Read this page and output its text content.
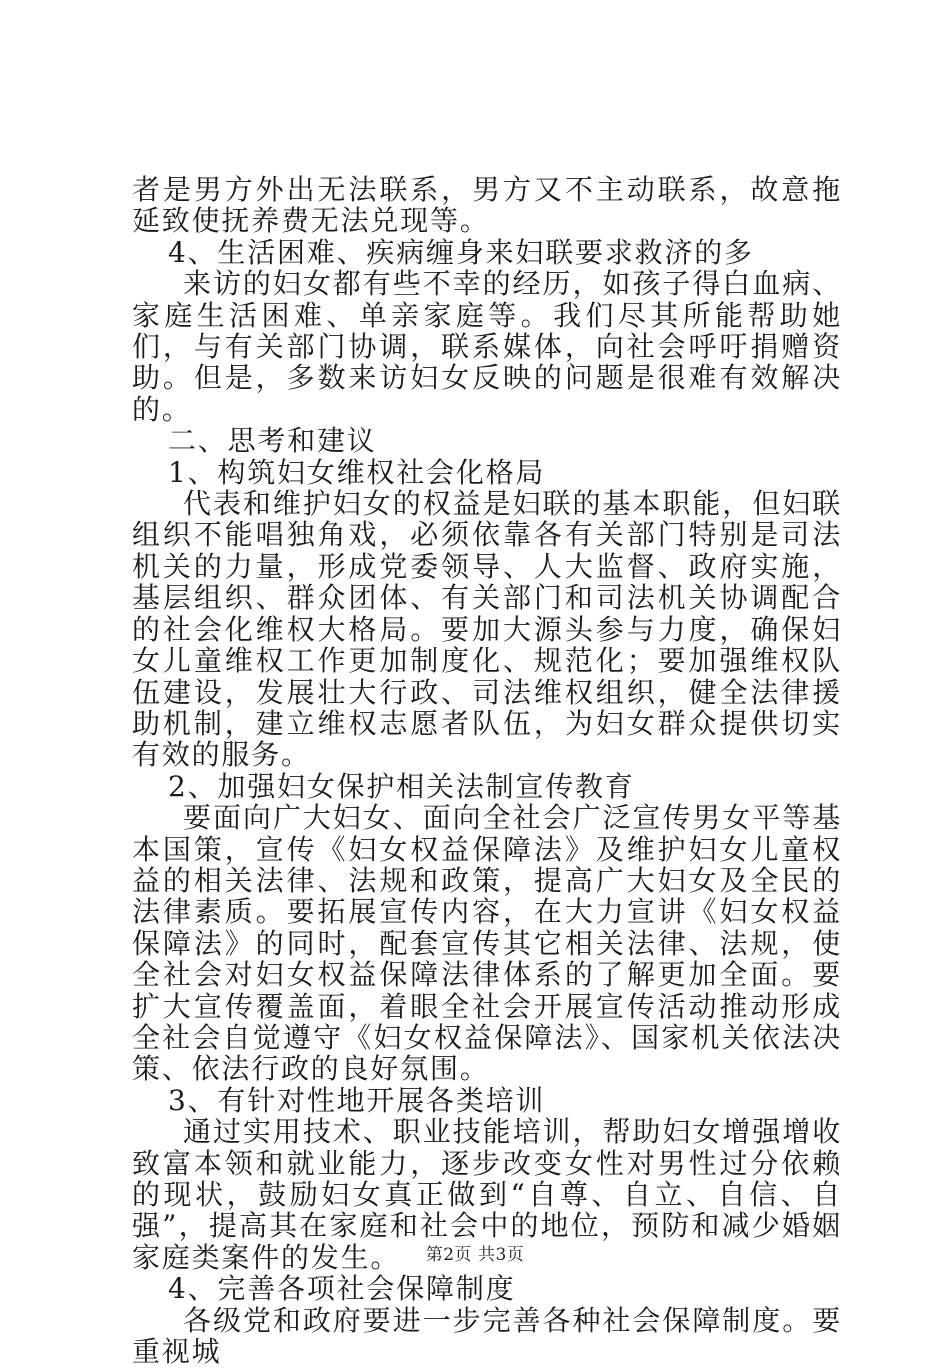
者是男方外出无法联系，男方又不主动联系，故意拖延致使抚养费无法兑现等。

4、生活困难、疾病缠身来妇联要求救济的多

来访的妇女都有些不幸的经历，如孩子得白血病、家庭生活困难、单亲家庭等。我们尽其所能帮助她们，与有关部门协调，联系媒体，向社会呼吁捐赠资助。但是，多数来访妇女反映的问题是很难有效解决的。

二、思考和建议

1、构筑妇女维权社会化格局

代表和维护妇女的权益是妇联的基本职能，但妇联组织不能唱独角戏，必须依靠各有关部门特别是司法机关的力量，形成党委领导、人大监督、政府实施，基层组织、群众团体、有关部门和司法机关协调配合的社会化维权大格局。要加大源头参与力度，确保妇女儿童维权工作更加制度化、规范化；要加强维权队伍建设，发展壮大行政、司法维权组织，健全法律援助机制，建立维权志愿者队伍，为妇女群众提供切实有效的服务。

2、加强妇女保护相关法制宣传教育

要面向广大妇女、面向全社会广泛宣传男女平等基本国策，宣传《妇女权益保障法》及维护妇女儿童权益的相关法律、法规和政策，提高广大妇女及全民的法律素质。要拓展宣传内容，在大力宣讲《妇女权益保障法》的同时，配套宣传其它相关法律、法规，使全社会对妇女权益保障法律体系的了解更加全面。要扩大宣传覆盖面，着眼全社会开展宣传活动推动形成全社会自觉遵守《妇女权益保障法》、国家机关依法决策、依法行政的良好氛围。

3、有针对性地开展各类培训

通过实用技术、职业技能培训，帮助妇女增强增收致富本领和就业能力，逐步改变女性对男性过分依赖的现状，鼓励妇女真正做到“自尊、自立、自信、自强”，提高其在家庭和社会中的地位，预防和减少婚姻家庭类案件的发生。

4、完善各项社会保障制度

各级党和政府要进一步完善各种社会保障制度。要重视城

第2页 共3页
